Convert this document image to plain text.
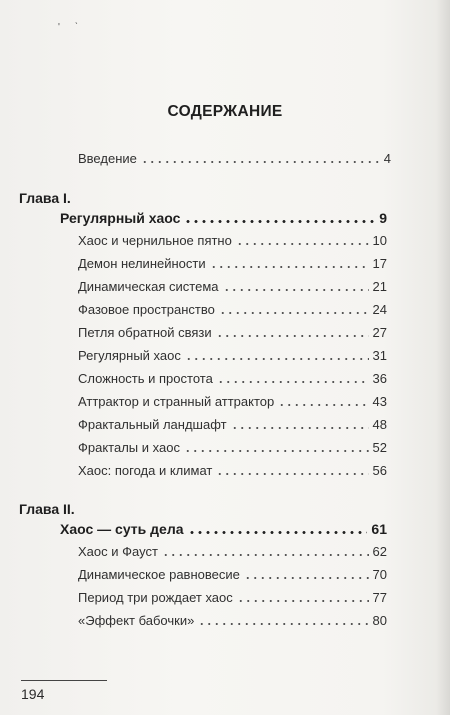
' ˋ
СОДЕРЖАНИЕ
Введение	4
Глава I.
Регулярный хаос	9
Хаос и чернильное пятно	10
Демон нелинейности	17
Динамическая система	21
Фазовое пространство	24
Петля обратной связи	27
Регулярный хаос	31
Сложность и простота	36
Аттрактор и странный аттрактор	43
Фрактальный ландшафт	48
Фракталы и хаос	52
Хаос: погода и климат	56
Глава II.
Хаос — суть дела	61
Хаос и Фауст	62
Динамическое равновесие	70
Период три рождает хаос	77
«Эффект бабочки»	80
194
